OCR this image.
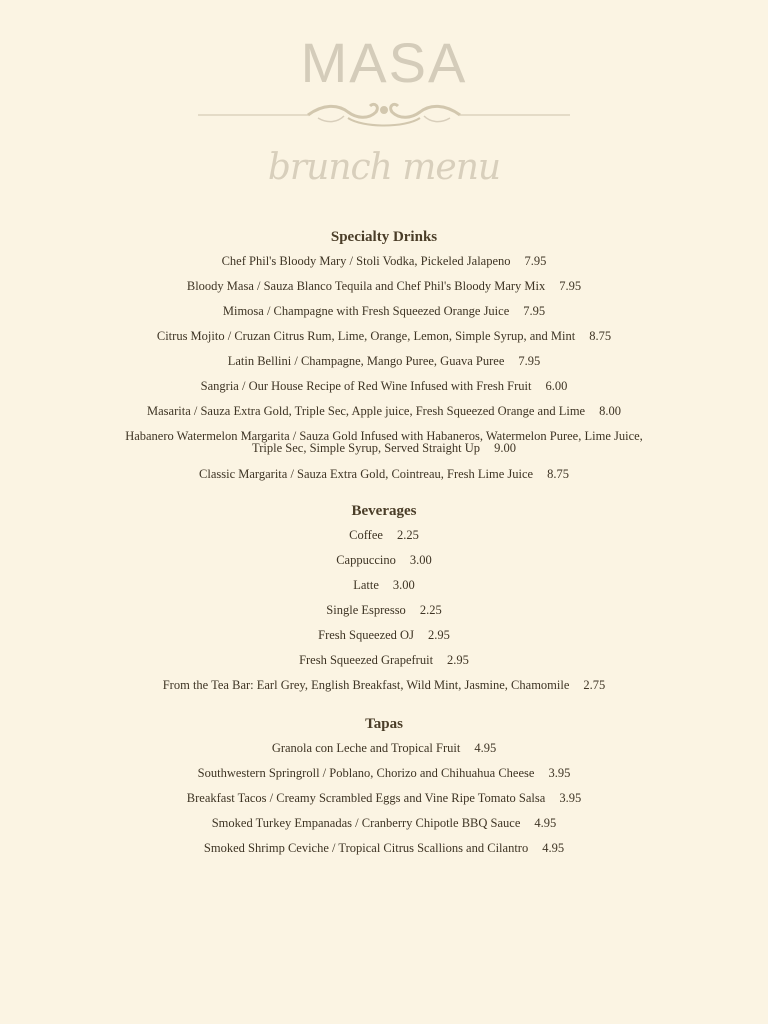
MASA
brunch menu
Specialty Drinks
Chef Phil's Bloody Mary / Stoli Vodka, Pickeled Jalapeno 7.95
Bloody Masa / Sauza Blanco Tequila and Chef Phil's Bloody Mary Mix 7.95
Mimosa / Champagne with Fresh Squeezed Orange Juice 7.95
Citrus Mojito / Cruzan Citrus Rum, Lime, Orange, Lemon, Simple Syrup, and Mint 8.75
Latin Bellini / Champagne, Mango Puree, Guava Puree 7.95
Sangria / Our House Recipe of Red Wine Infused with Fresh Fruit 6.00
Masarita / Sauza Extra Gold, Triple Sec, Apple juice, Fresh Squeezed Orange and Lime 8.00
Habanero Watermelon Margarita / Sauza Gold Infused with Habaneros, Watermelon Puree, Lime Juice,
Triple Sec, Simple Syrup, Served Straight Up 9.00
Classic Margarita / Sauza Extra Gold, Cointreau, Fresh Lime Juice 8.75
Beverages
Coffee 2.25
Cappuccino 3.00
Latte 3.00
Single Espresso 2.25
Fresh Squeezed OJ 2.95
Fresh Squeezed Grapefruit 2.95
From the Tea Bar: Earl Grey, English Breakfast, Wild Mint, Jasmine, Chamomile 2.75
Tapas
Granola con Leche and Tropical Fruit 4.95
Southwestern Springroll / Poblano, Chorizo and Chihuahua Cheese 3.95
Breakfast Tacos / Creamy Scrambled Eggs and Vine Ripe Tomato Salsa 3.95
Smoked Turkey Empanadas / Cranberry Chipotle BBQ Sauce 4.95
Smoked Shrimp Ceviche / Tropical Citrus Scallions and Cilantro 4.95
